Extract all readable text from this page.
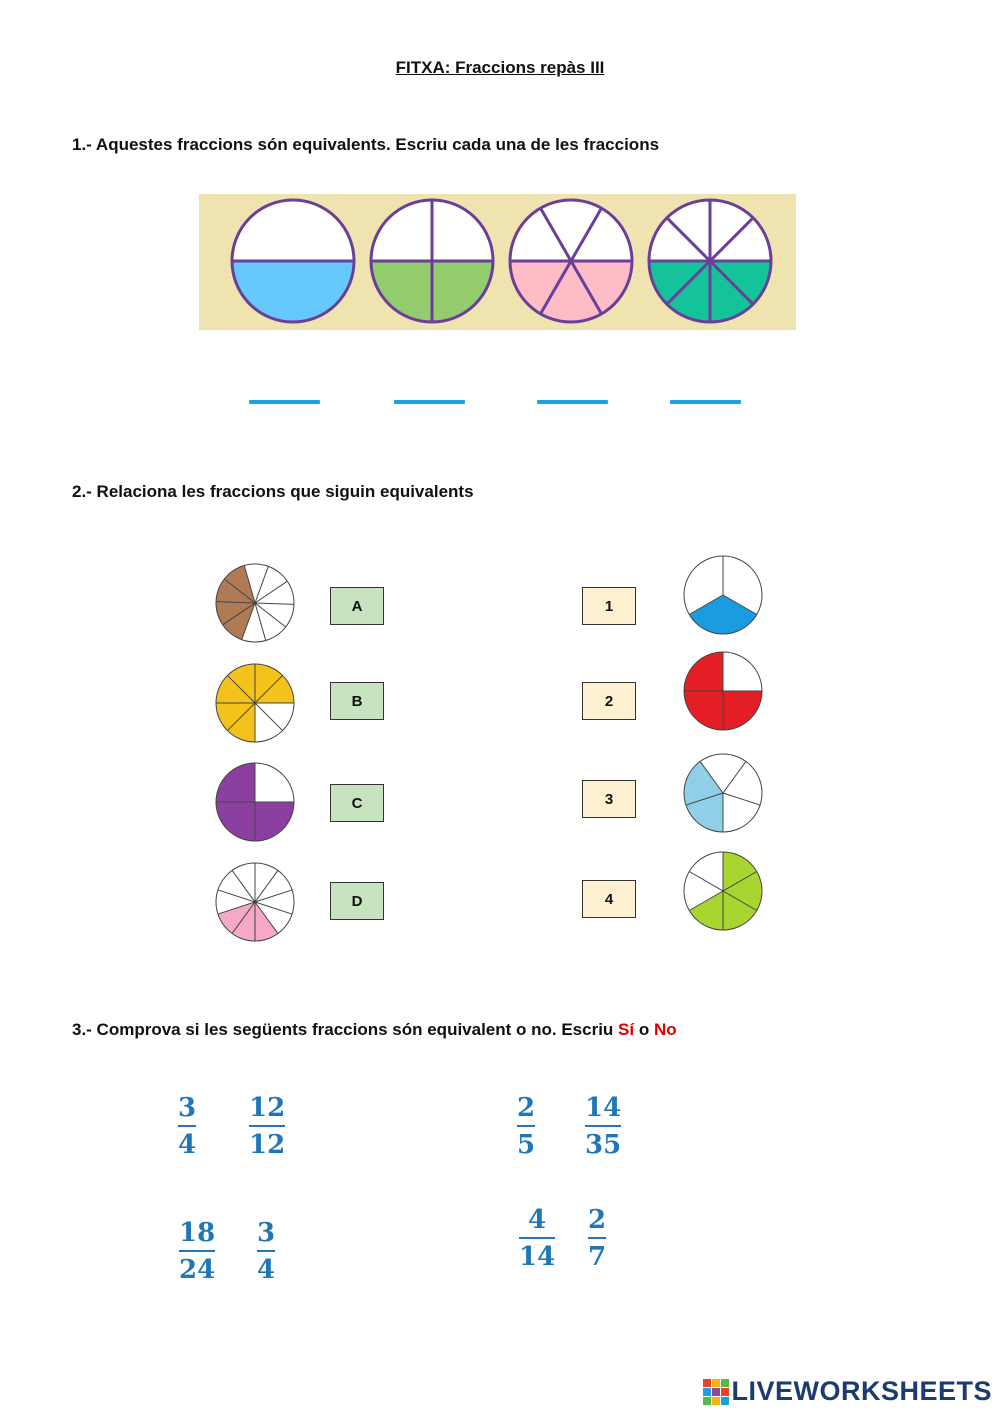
FITXA: Fraccions repàs III
1.- Aquestes fraccions són equivalents. Escriu cada una de les fraccions
2.- Relaciona les fraccions que siguin equivalents
A
B
C
D
1
2
3
4
3.- Comprova si les següents fraccions són equivalent o no. Escriu Sí o No
3
4
12
12
2
5
14
35
18
24
3
4
4
14
2
7
LIVEWORKSHEETS
